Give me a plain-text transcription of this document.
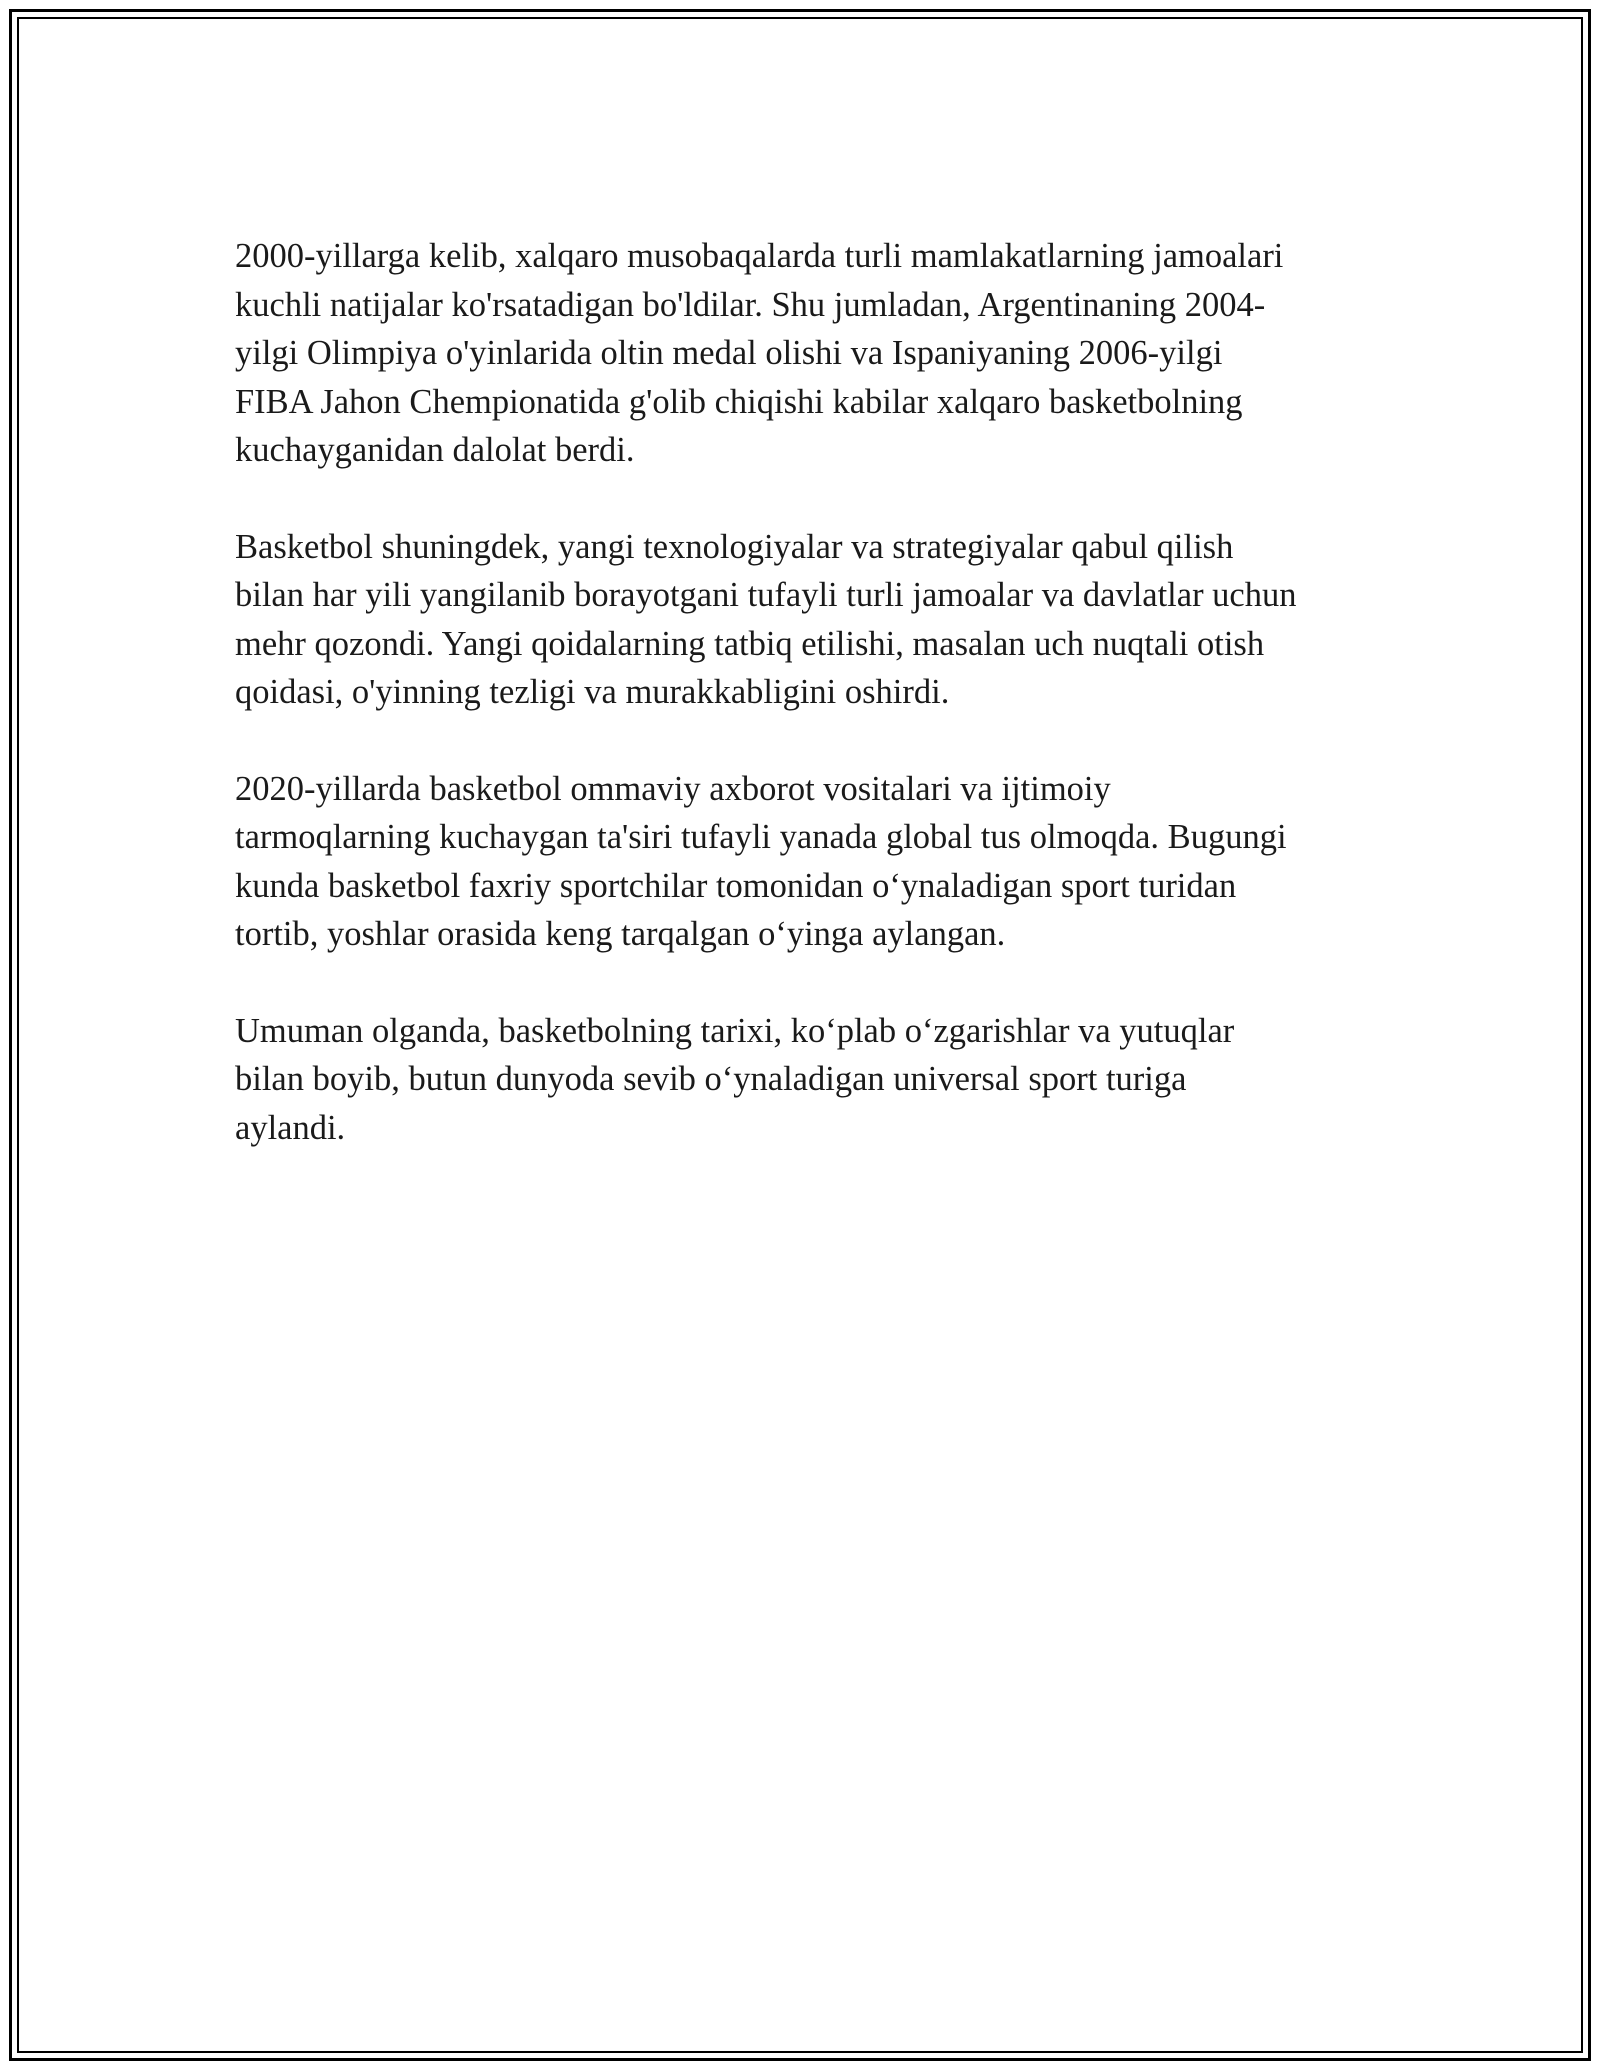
2000-yillarga kelib, xalqaro musobaqalarda turli mamlakatlarning jamoalari
kuchli natijalar ko'rsatadigan bo'ldilar. Shu jumladan, Argentinaning 2004-
yilgi Olimpiya o'yinlarida oltin medal olishi va Ispaniyaning 2006-yilgi
FIBA Jahon Chempionatida g'olib chiqishi kabilar xalqaro basketbolning
kuchayganidan dalolat berdi.

Basketbol shuningdek, yangi texnologiyalar va strategiyalar qabul qilish
bilan har yili yangilanib borayotgani tufayli turli jamoalar va davlatlar uchun
mehr qozondi. Yangi qoidalarning tatbiq etilishi, masalan uch nuqtali otish
qoidasi, o'yinning tezligi va murakkabligini oshirdi.

2020-yillarda basketbol ommaviy axborot vositalari va ijtimoiy
tarmoqlarning kuchaygan ta'siri tufayli yanada global tus olmoqda. Bugungi
kunda basketbol faxriy sportchilar tomonidan o‘ynaladigan sport turidan
tortib, yoshlar orasida keng tarqalgan o‘yinga aylangan.

Umuman olganda, basketbolning tarixi, ko‘plab o‘zgarishlar va yutuqlar
bilan boyib, butun dunyoda sevib o‘ynaladigan universal sport turiga
aylandi.
